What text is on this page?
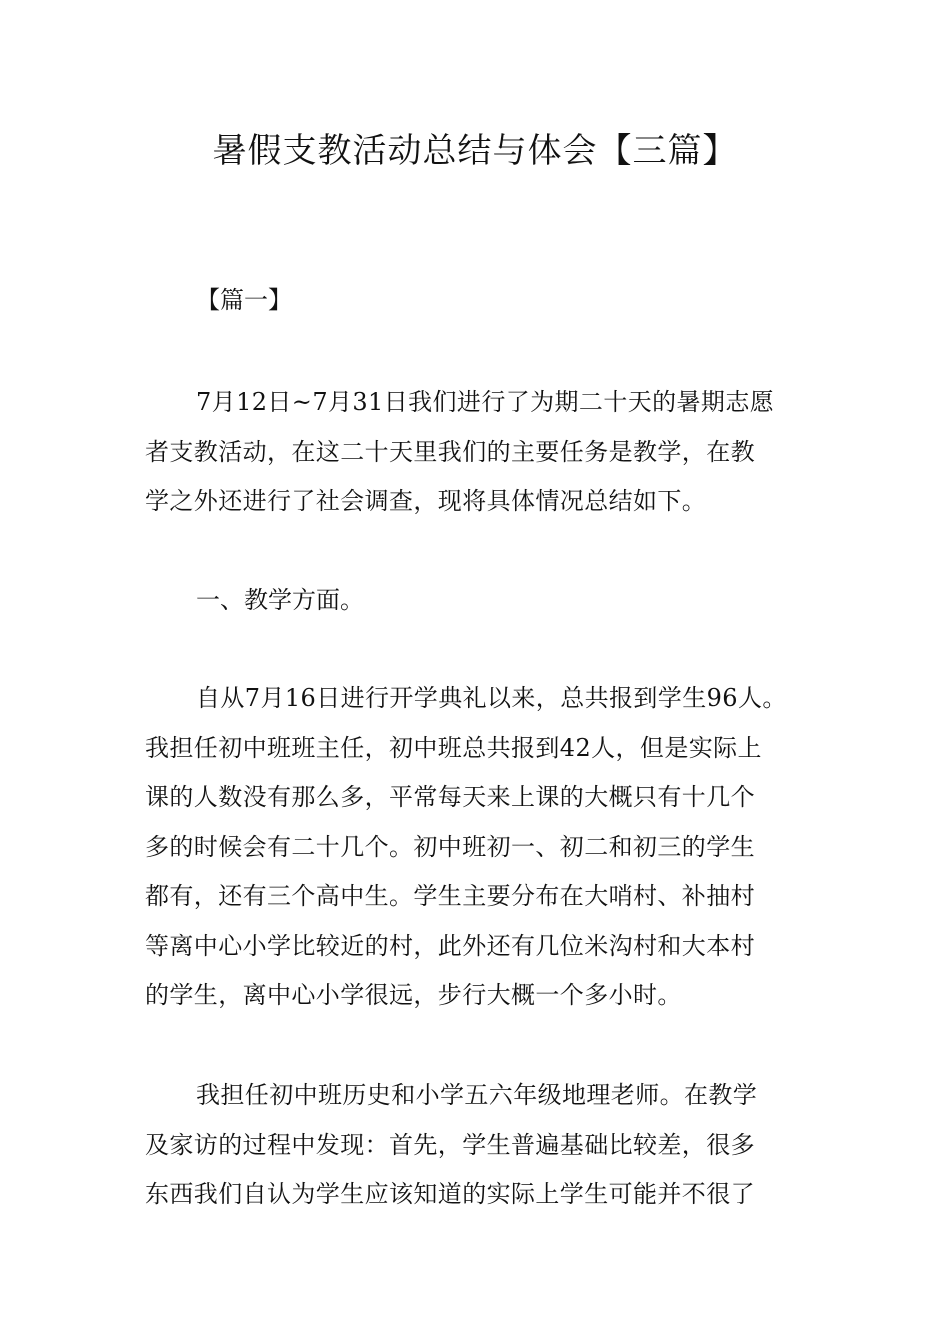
暑假支教活动总结与体会【三篇】
【篇一】
7月12日~7月31日我们进行了为期二十天的暑期志愿
者支教活动，在这二十天里我们的主要任务是教学，在教
学之外还进行了社会调查，现将具体情况总结如下。
一、教学方面。
自从7月16日进行开学典礼以来，总共报到学生96人。
我担任初中班班主任，初中班总共报到42人，但是实际上
课的人数没有那么多，平常每天来上课的大概只有十几个
多的时候会有二十几个。初中班初一、初二和初三的学生
都有，还有三个高中生。学生主要分布在大哨村、补抽村
等离中心小学比较近的村，此外还有几位米沟村和大本村
的学生，离中心小学很远，步行大概一个多小时。
我担任初中班历史和小学五六年级地理老师。在教学
及家访的过程中发现：首先，学生普遍基础比较差，很多
东西我们自认为学生应该知道的实际上学生可能并不很了
